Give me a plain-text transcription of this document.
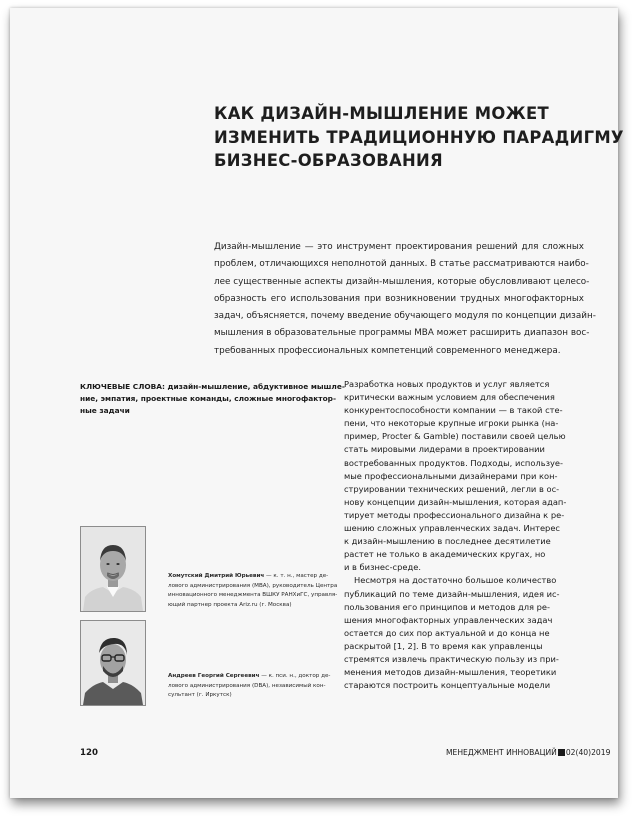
КАК ДИЗАЙН-МЫШЛЕНИЕ МОЖЕТ
ИЗМЕНИТЬ ТРАДИЦИОННУЮ ПАРАДИГМУ
БИЗНЕС-ОБРАЗОВАНИЯ
Дизайн-мышление — это инструмент проектирования решений для сложных
проблем, отличающихся неполнотой данных. В статье рассматриваются наибо-
лее существенные аспекты дизайн-мышления, которые обусловливают целесо-
образность его использования при возникновении трудных многофакторных
задач, объясняется, почему введение обучающего модуля по концепции дизайн-
мышления в образовательные программы MBA может расширить диапазон вос-
требованных профессиональных компетенций современного менеджера.
КЛЮЧЕВЫЕ СЛОВА: дизайн-мышление, абдуктивное мышле-
ние, эмпатия, проектные команды, сложные многофактор-
ные задачи
Хомутский Дмитрий Юрьевич — к. т. н., мастер де-
лового администрирования (MBA), руководитель Центра
инновационного менеджмента ВШКУ РАНХиГС, управля-
ющий партнер проекта Ariz.ru (г. Москва)
Андреев Георгий Сергеевич — к. пси. н., доктор де-
лового администрирования (DBA), независимый кон-
сультант (г. Иркутск)
Разработка новых продуктов и услуг является
критически важным условием для обеспечения
конкурентоспособности компании — в такой сте-
пени, что некоторые крупные игроки рынка (на-
пример, Procter & Gamble) поставили своей целью
стать мировыми лидерами в проектировании
востребованных продуктов. Подходы, используе-
мые профессиональными дизайнерами при кон-
струировании технических решений, легли в ос-
нову концепции дизайн-мышления, которая адап-
тирует методы профессионального дизайна к ре-
шению сложных управленческих задач. Интерес
к дизайн-мышлению в последнее десятилетие
растет не только в академических кругах, но
и в бизнес-среде.
Несмотря на достаточно большое количество
публикаций по теме дизайн-мышления, идея ис-
пользования его принципов и методов для ре-
шения многофакторных управленческих задач
остается до сих пор актуальной и до конца не
раскрытой [1, 2]. В то время как управленцы
стремятся извлечь практическую пользу из при-
менения методов дизайн-мышления, теоретики
стараются построить концептуальные модели
120	МЕНЕДЖМЕНТ ИННОВАЦИЙ 02(40)2019
